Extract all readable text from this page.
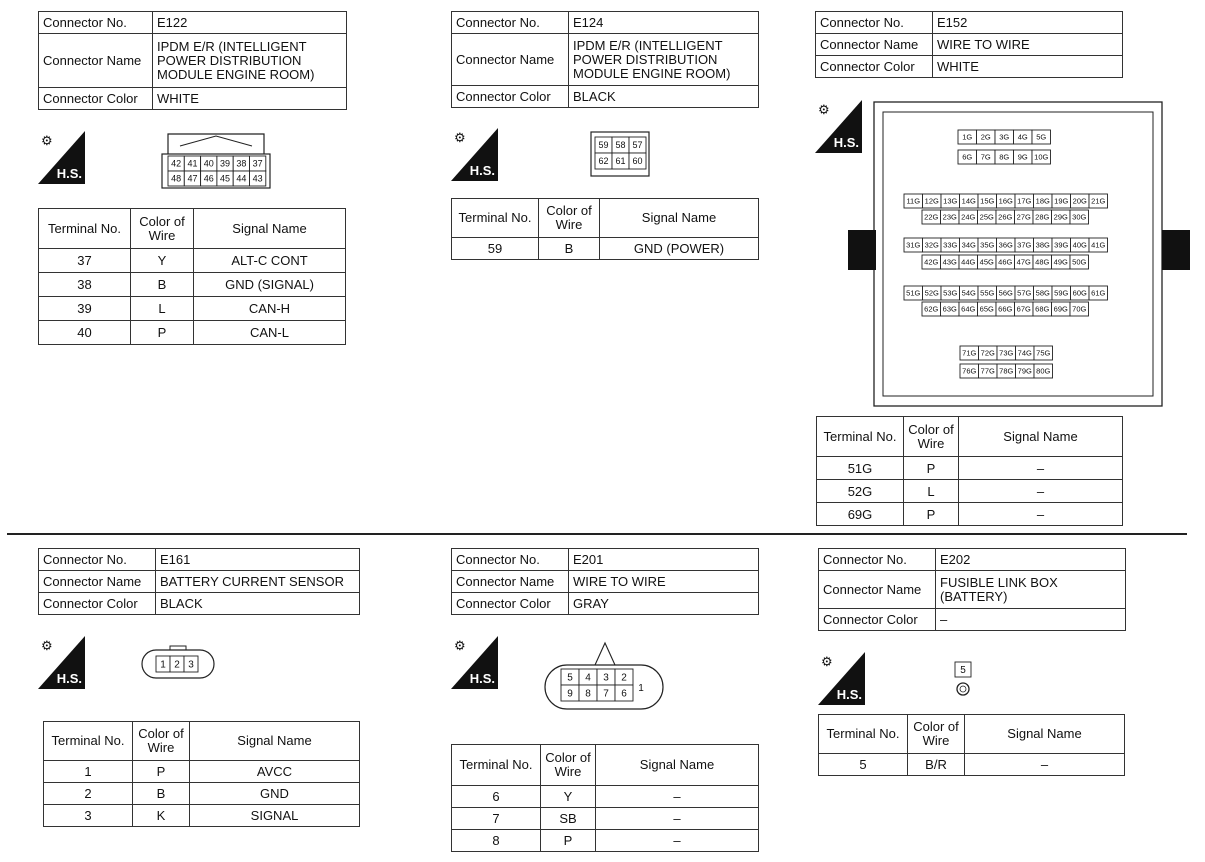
Connector No.	E122
Connector Name	IPDM E/R (INTELLIGENT POWER DISTRIBUTION MODULE ENGINE ROOM)
Connector Color	WHITE
⚙
H.S.
42 41 40 39 38 37
48 47 46 45 44 43
Terminal No.	Color of Wire	Signal Name
37	Y	ALT-C CONT
38	B	GND (SIGNAL)
39	L	CAN-H
40	P	CAN-L
Connector No.	E124
Connector Name	IPDM E/R (INTELLIGENT POWER DISTRIBUTION MODULE ENGINE ROOM)
Connector Color	BLACK
⚙
H.S.
59 58 57
62 61 60
Terminal No.	Color of Wire	Signal Name
59	B	GND (POWER)
Connector No.	E152
Connector Name	WIRE TO WIRE
Connector Color	WHITE
⚙
H.S.	1G 2G 3G 4G 5G
6G 7G 8G 9G 10G
11G 12G 13G 14G 15G 16G 17G 18G 19G 20G 21G
22G 23G 24G 25G 26G 27G 28G 29G 30G
31G 32G 33G 34G 35G 36G 37G 38G 39G 40G 41G
42G 43G 44G 45G 46G 47G 48G 49G 50G
51G 52G 53G 54G 55G 56G 57G 58G 59G 60G 61G
62G 63G 64G 65G 66G 67G 68G 69G 70G
71G 72G 73G 74G 75G
76G 77G 78G 79G 80G
Terminal No.	Color of Wire	Signal Name
51G	P	–
52G	L	–
69G	P	–
Connector No.	E161
Connector Name	BATTERY CURRENT SENSOR
Connector Color	BLACK
⚙
H.S.
1 2 3
Terminal No.	Color of Wire	Signal Name
1	P	AVCC
2	B	GND
3	K	SIGNAL
Connector No.	E201
Connector Name	WIRE TO WIRE
Connector Color	GRAY
⚙
H.S.	5 4 3 2
9 8 7 6
1
Terminal No.	Color of Wire	Signal Name
6	Y	–
7	SB	–
8	P	–
Connector No.	E202
Connector Name	FUSIBLE LINK BOX (BATTERY)
Connector Color	–
⚙
H.S.
5
Terminal No.	Color of Wire	Signal Name
5	B/R	–
